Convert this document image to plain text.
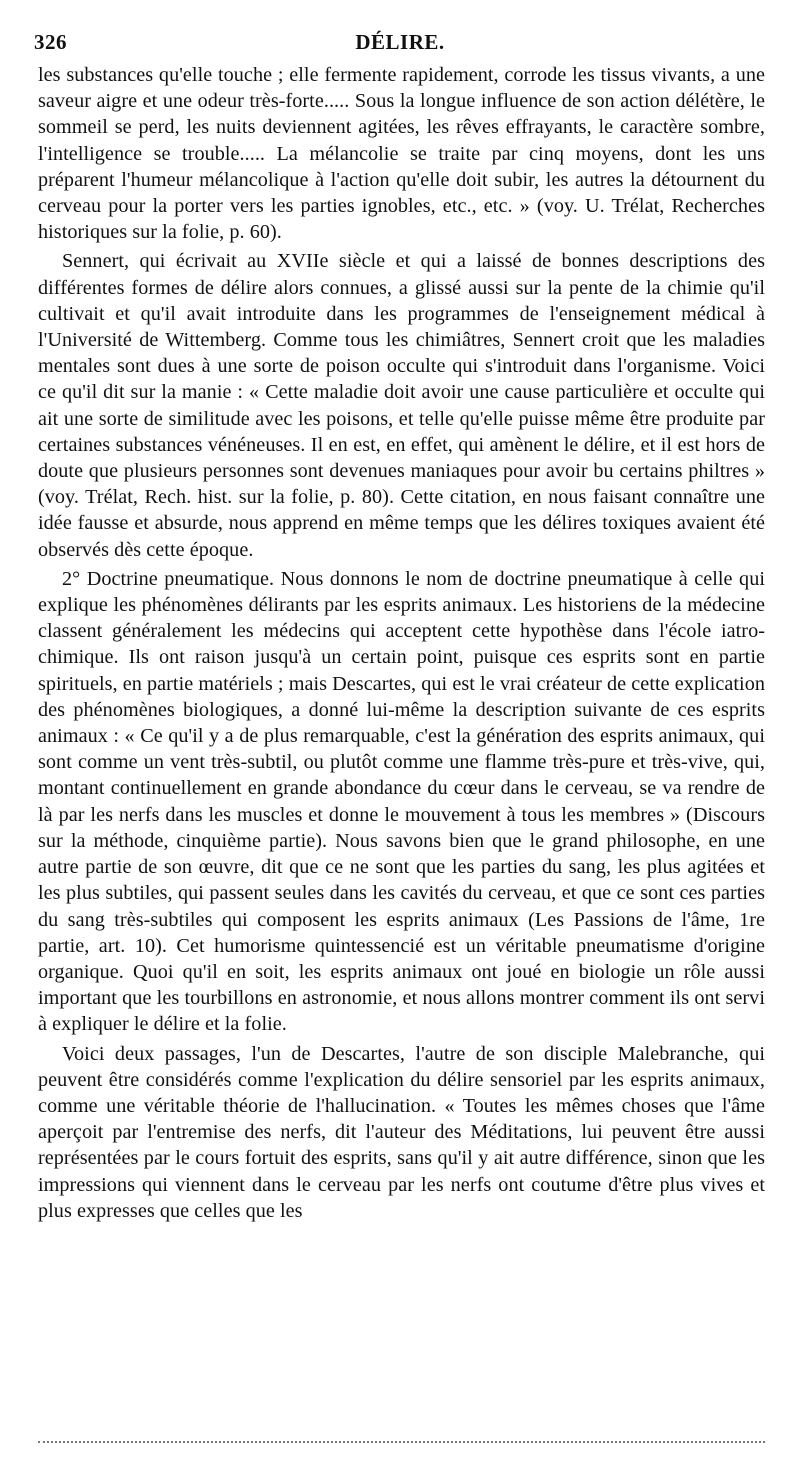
326	DÉLIRE.

les substances qu'elle touche ; elle fermente rapidement, corrode les tissus vivants, a une saveur aigre et une odeur très-forte..... Sous la longue influence de son action délétère, le sommeil se perd, les nuits deviennent agitées, les rêves effrayants, le caractère sombre, l'intelligence se trouble..... La mélancolie se traite par cinq moyens, dont les uns préparent l'humeur mélancolique à l'action qu'elle doit subir, les autres la détournent du cerveau pour la porter vers les parties ignobles, etc., etc. » (voy. U. Trélat, Recherches historiques sur la folie, p. 60).

Sennert, qui écrivait au XVIIe siècle et qui a laissé de bonnes descriptions des différentes formes de délire alors connues, a glissé aussi sur la pente de la chimie qu'il cultivait et qu'il avait introduite dans les programmes de l'enseignement médical à l'Université de Wittemberg. Comme tous les chimiâtres, Sennert croit que les maladies mentales sont dues à une sorte de poison occulte qui s'introduit dans l'organisme. Voici ce qu'il dit sur la manie : « Cette maladie doit avoir une cause particulière et occulte qui ait une sorte de similitude avec les poisons, et telle qu'elle puisse même être produite par certaines substances vénéneuses. Il en est, en effet, qui amènent le délire, et il est hors de doute que plusieurs personnes sont devenues maniaques pour avoir bu certains philtres » (voy. Trélat, Rech. hist. sur la folie, p. 80). Cette citation, en nous faisant connaître une idée fausse et absurde, nous apprend en même temps que les délires toxiques avaient été observés dès cette époque.

2° Doctrine pneumatique. Nous donnons le nom de doctrine pneumatique à celle qui explique les phénomènes délirants par les esprits animaux. Les historiens de la médecine classent généralement les médecins qui acceptent cette hypothèse dans l'école iatro-chimique. Ils ont raison jusqu'à un certain point, puisque ces esprits sont en partie spirituels, en partie matériels ; mais Descartes, qui est le vrai créateur de cette explication des phénomènes biologiques, a donné lui-même la description suivante de ces esprits animaux : « Ce qu'il y a de plus remarquable, c'est la génération des esprits animaux, qui sont comme un vent très-subtil, ou plutôt comme une flamme très-pure et très-vive, qui, montant continuellement en grande abondance du cœur dans le cerveau, se va rendre de là par les nerfs dans les muscles et donne le mouvement à tous les membres » (Discours sur la méthode, cinquième partie). Nous savons bien que le grand philosophe, en une autre partie de son œuvre, dit que ce ne sont que les parties du sang, les plus agitées et les plus subtiles, qui passent seules dans les cavités du cerveau, et que ce sont ces parties du sang très-subtiles qui composent les esprits animaux (Les Passions de l'âme, 1re partie, art. 10). Cet humorisme quintessencié est un véritable pneumatisme d'origine organique. Quoi qu'il en soit, les esprits animaux ont joué en biologie un rôle aussi important que les tourbillons en astronomie, et nous allons montrer comment ils ont servi à expliquer le délire et la folie.

Voici deux passages, l'un de Descartes, l'autre de son disciple Malebranche, qui peuvent être considérés comme l'explication du délire sensoriel par les esprits animaux, comme une véritable théorie de l'hallucination. « Toutes les mêmes choses que l'âme aperçoit par l'entremise des nerfs, dit l'auteur des Méditations, lui peuvent être aussi représentées par le cours fortuit des esprits, sans qu'il y ait autre différence, sinon que les impressions qui viennent dans le cerveau par les nerfs ont coutume d'être plus vives et plus expresses que celles que les
